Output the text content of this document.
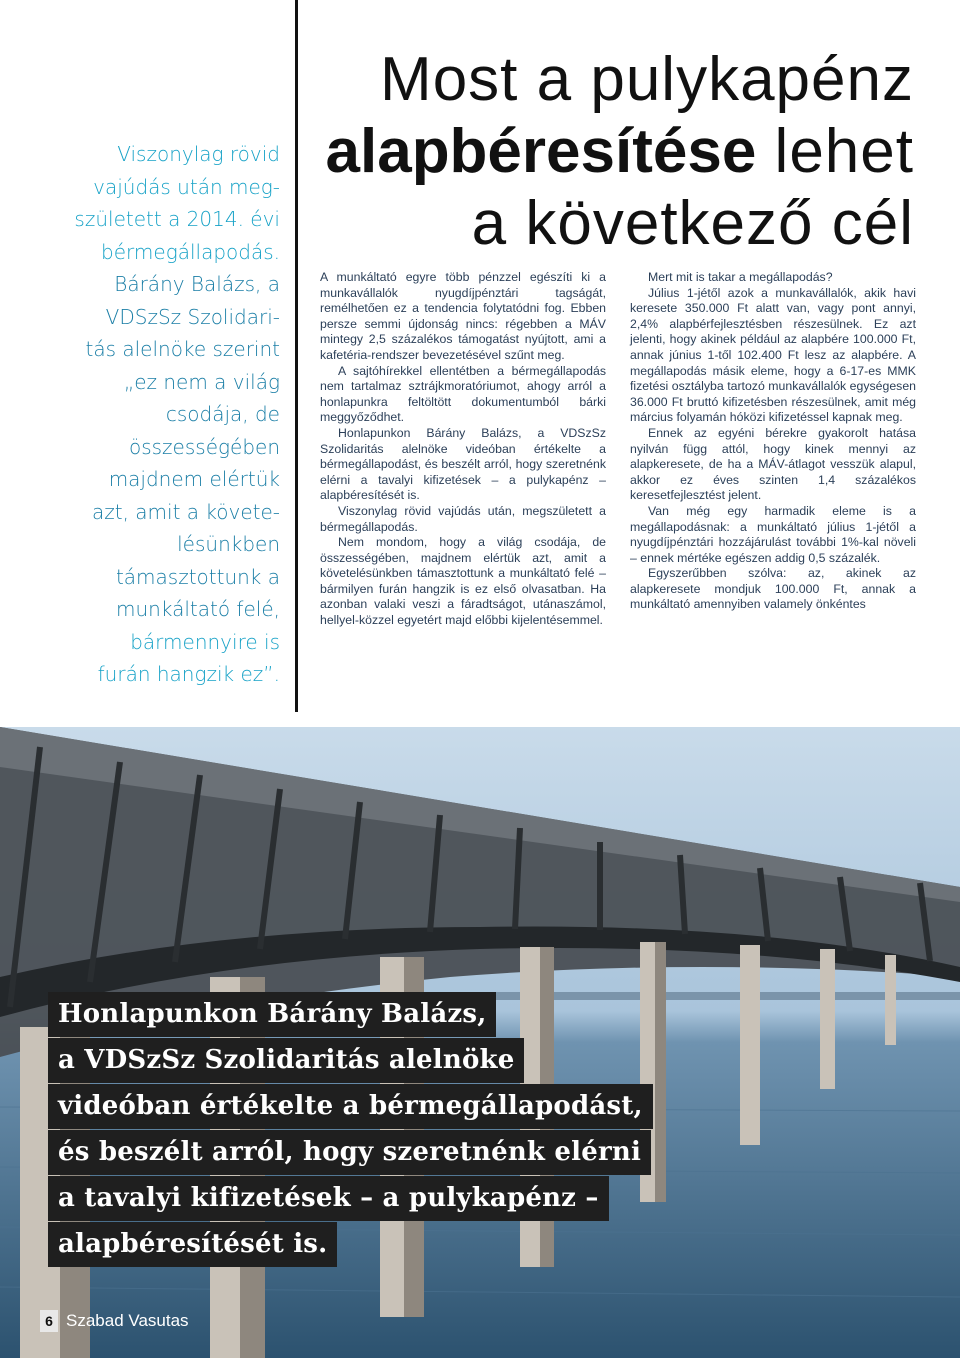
Viszonylag rövid
vajúdás után meg-
született a 2014. évi
bérmegállapodás.
Bárány Balázs, a
VDSzSz Szolidari-
tás alelnöke szerint
„ez nem a világ
csodája, de
összességében
majdnem elértük
azt, amit a követe-
lésünkben
támasztottunk a
munkáltató felé,
bármennyire is
furán hangzik ez”.
Most a pulykapénz
alapbéresítése lehet
a következő cél

A munkáltató egyre több pénzzel egészíti ki a munkavállalók nyugdíjpénztári tagságát, remélhetően ez a tendencia folytatódni fog. Ebben persze semmi újdonság nincs: régebben a MÁV mintegy 2,5 százalékos támogatást nyújtott, ami a kafetéria-rendszer bevezetésével szűnt meg.

A sajtóhírekkel ellentétben a bérmegállapodás nem tartalmaz sztrájkmoratóriumot, ahogy arról a honlapunkra feltöltött dokumentumból bárki meggyőződhet.

Honlapunkon Bárány Balázs, a VDSzSz Szolidaritás alelnöke videóban értékelte a bérmegállapodást, és beszélt arról, hogy szeretnénk elérni a tavalyi kifizetések – a pulykapénz – alapbéresítését is.

Viszonylag rövid vajúdás után, megszületett a bérmegállapodás.

Nem mondom, hogy a világ csodája, de összességében, majdnem elértük azt, amit a követelésünkben támasztottunk a munkáltató felé – bármilyen furán hangzik is ez első olvasatban. Ha azonban valaki veszi a fáradtságot, utánaszámol, hellyel-közzel egyetért majd előbbi kijelentésemmel.

Mert mit is takar a megállapodás?

Július 1-jétől azok a munkavállalók, akik havi keresete 350.000 Ft alatt van, vagy pont annyi, 2,4% alapbérfejlesztésben részesülnek. Ez azt jelenti, hogy akinek például az alapbére 100.000 Ft, annak június 1-től 102.400 Ft lesz az alapbére. A megállapodás másik eleme, hogy a 6-17-es MMK fizetési osztályba tartozó munkavállalók egységesen 36.000 Ft bruttó kifizetésben részesülnek, amit még március folyamán hóközi kifizetéssel kapnak meg.

Ennek az egyéni bérekre gyakorolt hatása nyilván függ attól, hogy kinek mennyi az alapkeresete, de ha a MÁV-átlagot vesszük alapul, akkor ez éves szinten 1,4 százalékos keresetfejlesztést jelent.

Van még egy harmadik eleme is a megállapodásnak: a munkáltató július 1-jétől a nyugdíjpénztári hozzájárulást további 1%-kal növeli – ennek mértéke egészen addig 0,5 százalék.

Egyszerűbben szólva: az, akinek az alapkeresete mondjuk 100.000 Ft, annak a munkáltató amennyiben valamely önkéntes

Honlapunkon Bárány Balázs,
a VDSzSz Szolidaritás alelnöke
videóban értékelte a bérmegállapodást,
és beszélt arról, hogy szeretnénk elérni
a tavalyi kifizetések – a pulykapénz –
alapbéresítését is.
6 Szabad Vasutas
